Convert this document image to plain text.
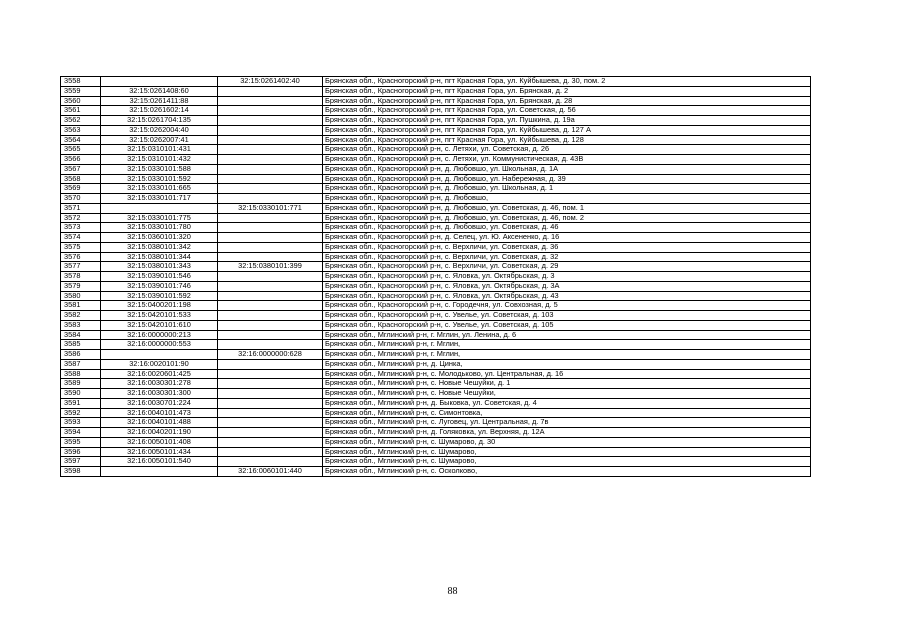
3558		32:15:0261402:40	Брянская обл., Красногорский р-н, пгт Красная Гора, ул. Куйбышева, д. 30, пом. 2
3559	32:15:0261408:60		Брянская обл., Красногорский р-н, пгт Красная Гора, ул. Брянская, д. 2
3560	32:15:0261411:88		Брянская обл., Красногорский р-н, пгт Красная Гора, ул. Брянская, д. 28
3561	32:15:0261602:14		Брянская обл., Красногорский р-н, пгт Красная Гора, ул. Советская, д. 56
3562	32:15:0261704:135		Брянская обл., Красногорский р-н, пгт Красная Гора, ул. Пушкина, д. 19а
3563	32:15:0262004:40		Брянская обл., Красногорский р-н, пгт Красная Гора, ул. Куйбышева, д. 127 А
3564	32:15:0262007:41		Брянская обл., Красногорский р-н, пгт Красная Гора, ул. Куйбышева, д. 128
3565	32:15:0310101:431		Брянская обл., Красногорский р-н, с. Летяхи, ул. Советская, д. 26
3566	32:15:0310101:432		Брянская обл., Красногорский р-н, с. Летяхи, ул. Коммунистическая, д. 43В
3567	32:15:0330101:588		Брянская обл., Красногорский р-н, д. Любовшо, ул. Школьная, д. 1А
3568	32:15:0330101:592		Брянская обл., Красногорский р-н, д. Любовшо, ул. Набережная, д. 39
3569	32:15:0330101:665		Брянская обл., Красногорский р-н, д. Любовшо, ул. Школьная, д. 1
3570	32:15:0330101:717		Брянская обл., Красногорский р-н, д. Любовшо,
3571		32:15:0330101:771	Брянская обл., Красногорский р-н, д. Любовшо, ул. Советская, д. 46, пом. 1
3572	32:15:0330101:775		Брянская обл., Красногорский р-н, д. Любовшо, ул. Советская, д. 46, пом. 2
3573	32:15:0330101:780		Брянская обл., Красногорский р-н, д. Любовшо, ул. Советская, д. 46
3574	32:15:0360101:320		Брянская обл., Красногорский р-н, д. Селец, ул. Ю. Аксененко, д. 16
3575	32:15:0380101:342		Брянская обл., Красногорский р-н, с. Верхличи, ул. Советская, д. 36
3576	32:15:0380101:344		Брянская обл., Красногорский р-н, с. Верхличи, ул. Советская, д. 32
3577	32:15:0380101:343	32:15:0380101:399	Брянская обл., Красногорский р-н, с. Верхличи, ул. Советская, д. 29
3578	32:15:0390101:546		Брянская обл., Красногорский р-н, с. Яловка, ул. Октябрьская, д. 3
3579	32:15:0390101:746		Брянская обл., Красногорский р-н, с. Яловка, ул. Октябрьская, д. 3А
3580	32:15:0390101:592		Брянская обл., Красногорский р-н, с. Яловка, ул. Октябрьская, д. 43
3581	32:15:0400201:198		Брянская обл., Красногорский р-н, с. Городечня, ул. Совхозная, д. 5
3582	32:15:0420101:533		Брянская обл., Красногорский р-н, с. Увелье, ул. Советская, д. 103
3583	32:15:0420101:610		Брянская обл., Красногорский р-н, с. Увелье, ул. Советская, д. 105
3584	32:16:0000000:213		Брянская обл., Мглинский р-н, г. Мглин, ул. Ленина, д. 6
3585	32:16:0000000:553		Брянская обл., Мглинский р-н, г. Мглин,
3586		32:16:0000000:628	Брянская обл., Мглинский р-н, г. Мглин,
3587	32:16:0020101:90		Брянская обл., Мглинский р-н, д. Цинка,
3588	32:16:0020601:425		Брянская обл., Мглинский р-н, с. Молодьково, ул. Центральная, д. 16
3589	32:16:0030301:278		Брянская обл., Мглинский р-н, с. Новые Чешуйки, д. 1
3590	32:16:0030301:300		Брянская обл., Мглинский р-н, с. Новые Чешуйки,
3591	32:16:0030701:224		Брянская обл., Мглинский р-н, д. Быковка, ул. Советская, д. 4
3592	32:16:0040101:473		Брянская обл., Мглинский р-н, с. Симонтовка,
3593	32:16:0040101:488		Брянская обл., Мглинский р-н, с. Луговец, ул. Центральная, д. 7в
3594	32:16:0040201:190		Брянская обл., Мглинский р-н, д. Голяковка, ул. Верхняя, д. 12А
3595	32:16:0050101:408		Брянская обл., Мглинский р-н, с. Шумарово, д. 30
3596	32:16:0050101:434		Брянская обл., Мглинский р-н, с. Шумарово,
3597	32:16:0050101:540		Брянская обл., Мглинский р-н, с. Шумарово,
3598		32:16:0060101:440	Брянская обл., Мглинский р-н, с. Осколково,
88
